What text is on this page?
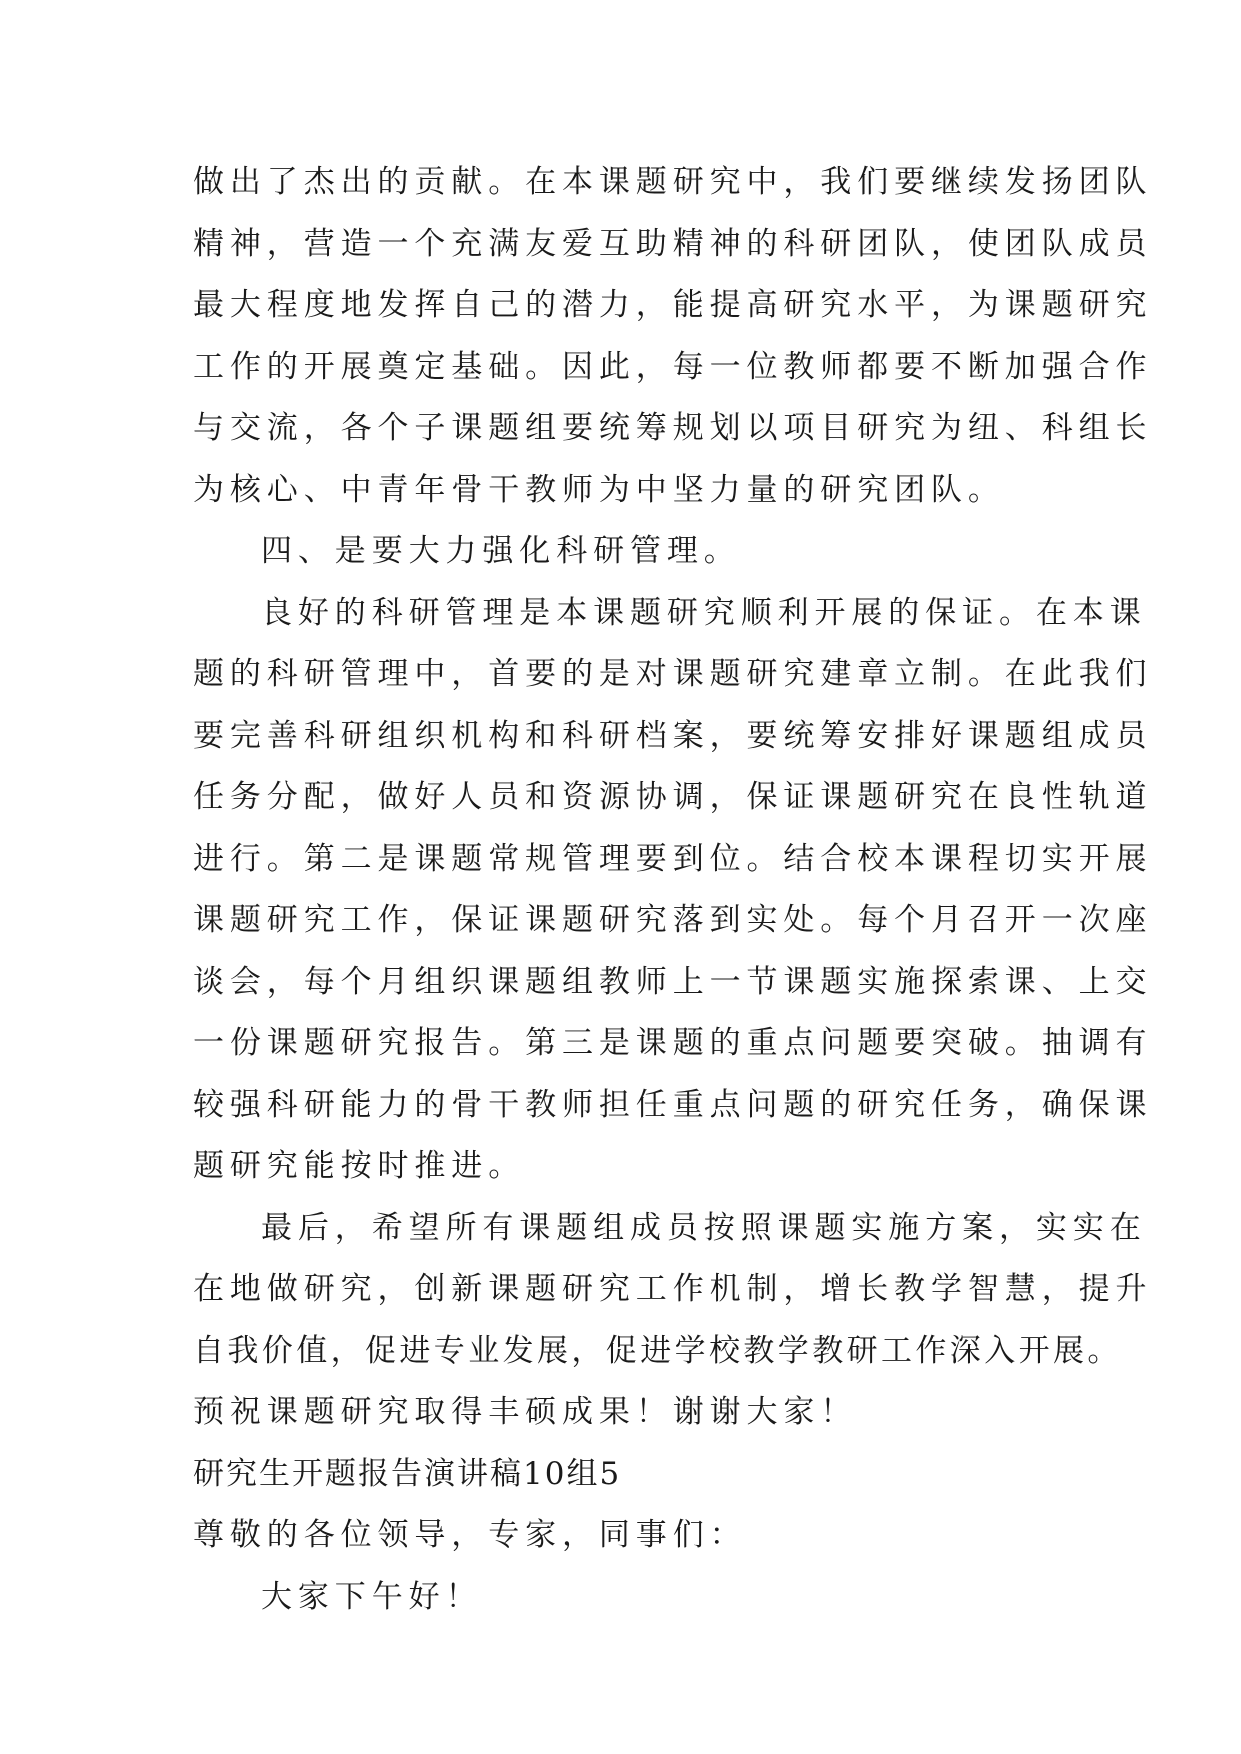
做出了杰出的贡献。在本课题研究中，我们要继续发扬团队
精神，营造一个充满友爱互助精神的科研团队，使团队成员
最大程度地发挥自己的潜力，能提高研究水平，为课题研究
工作的开展奠定基础。因此，每一位教师都要不断加强合作
与交流，各个子课题组要统筹规划以项目研究为纽、科组长
为核心、中青年骨干教师为中坚力量的研究团队。
四、是要大力强化科研管理。
良好的科研管理是本课题研究顺利开展的保证。在本课
题的科研管理中，首要的是对课题研究建章立制。在此我们
要完善科研组织机构和科研档案，要统筹安排好课题组成员
任务分配，做好人员和资源协调，保证课题研究在良性轨道
进行。第二是课题常规管理要到位。结合校本课程切实开展
课题研究工作，保证课题研究落到实处。每个月召开一次座
谈会，每个月组织课题组教师上一节课题实施探索课、上交
一份课题研究报告。第三是课题的重点问题要突破。抽调有
较强科研能力的骨干教师担任重点问题的研究任务，确保课
题研究能按时推进。
最后，希望所有课题组成员按照课题实施方案，实实在
在地做研究，创新课题研究工作机制，增长教学智慧，提升
自我价值，促进专业发展，促进学校教学教研工作深入开展。
预祝课题研究取得丰硕成果！谢谢大家！
研究生开题报告演讲稿10组5
尊敬的各位领导，专家，同事们：
大家下午好！
